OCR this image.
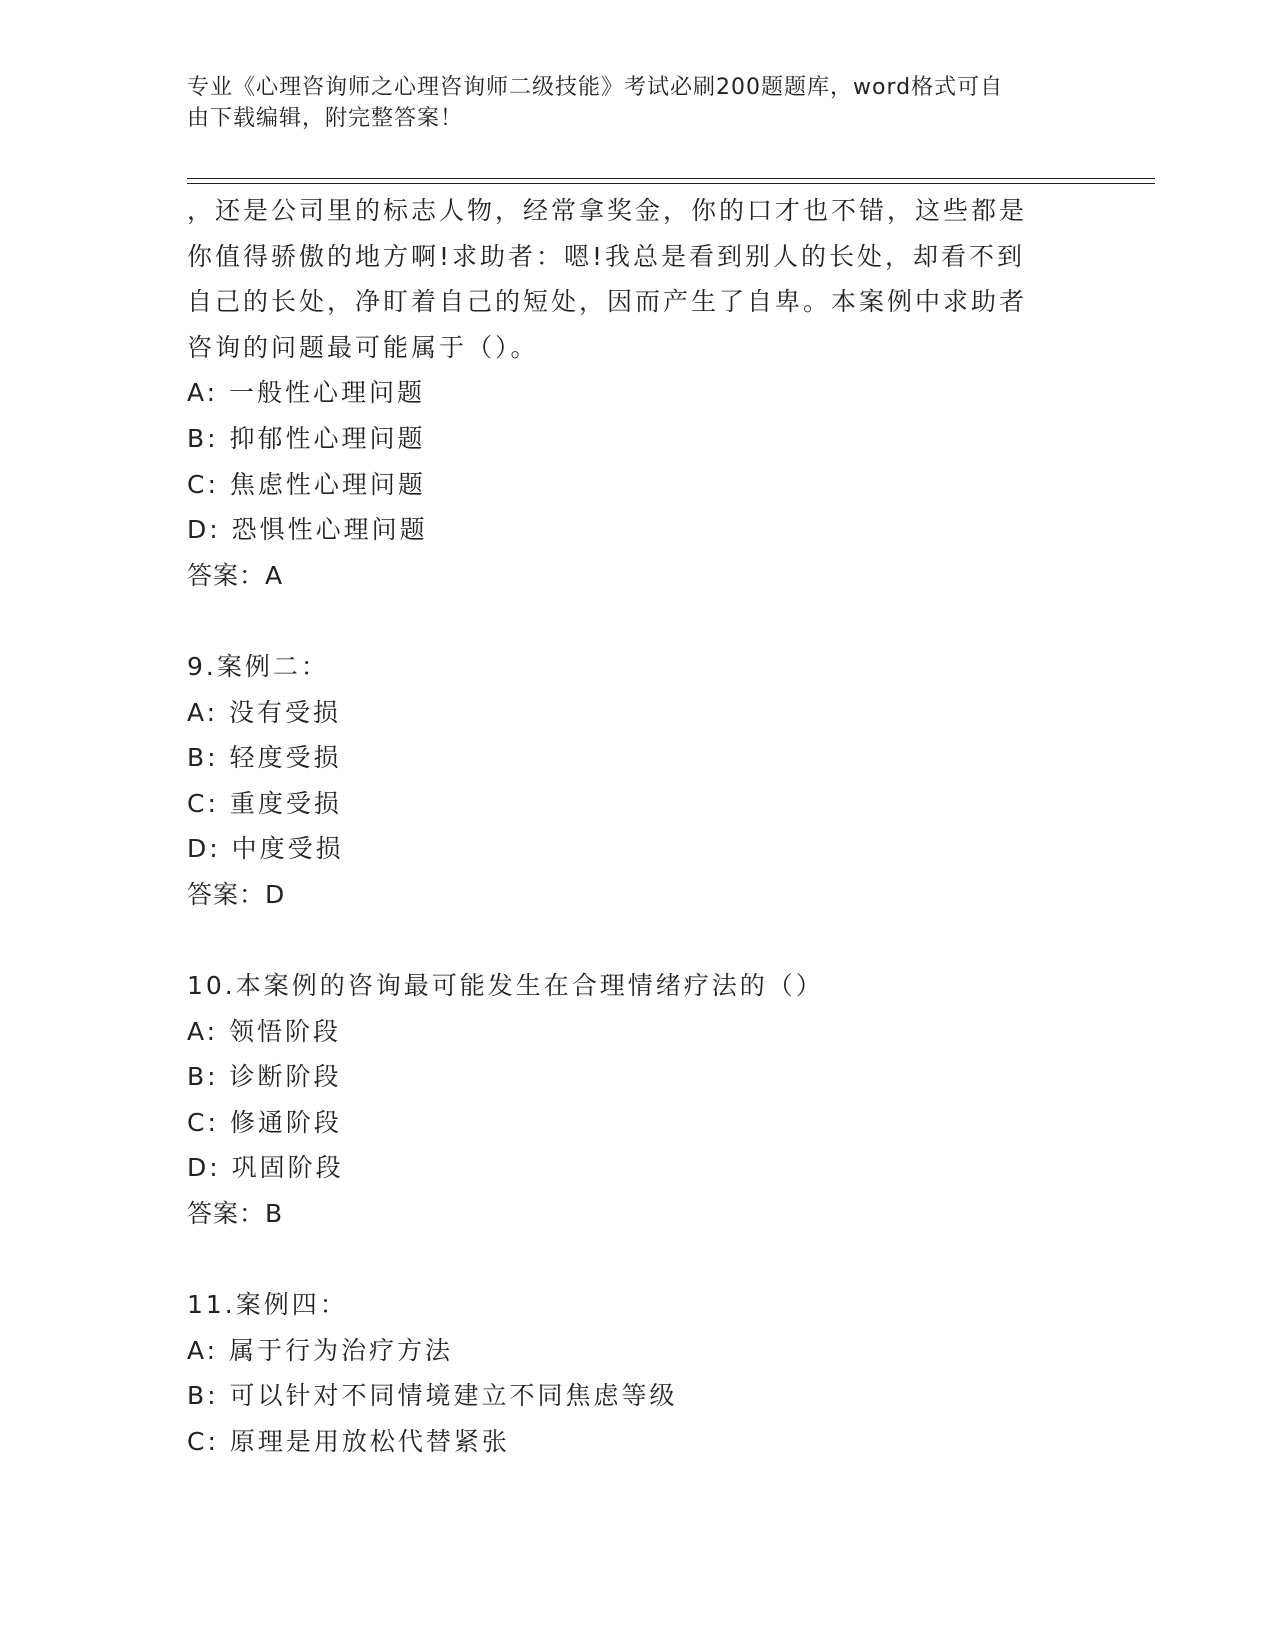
专业《心理咨询师之心理咨询师二级技能》考试必刷200题题库，word格式可自
由下载编辑，附完整答案！
，还是公司里的标志人物，经常拿奖金，你的口才也不错，这些都是
你值得骄傲的地方啊!求助者：嗯!我总是看到别人的长处，却看不到
自己的长处，净盯着自己的短处，因而产生了自卑。本案例中求助者
咨询的问题最可能属于（）。
A: 一般性心理问题
B: 抑郁性心理问题
C: 焦虑性心理问题
D: 恐惧性心理问题
答案：A
9.案例二：
A: 没有受损
B: 轻度受损
C: 重度受损
D: 中度受损
答案：D
10.本案例的咨询最可能发生在合理情绪疗法的（）
A: 领悟阶段
B: 诊断阶段
C: 修通阶段
D: 巩固阶段
答案：B
11.案例四：
A: 属于行为治疗方法
B: 可以针对不同情境建立不同焦虑等级
C: 原理是用放松代替紧张
